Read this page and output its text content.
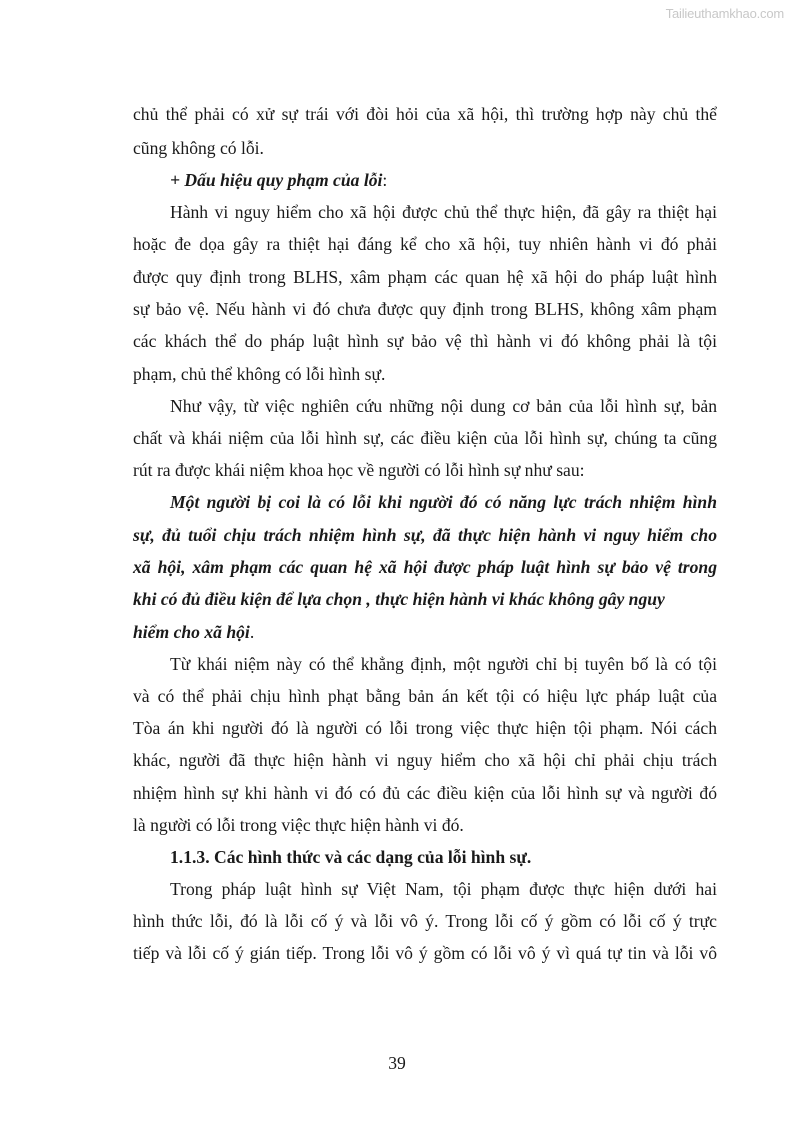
Tailieuthamkhao.com
chủ thể phải có xử sự trái với đòi hỏi của xã hội, thì trường hợp này chủ thể
cũng không có lỗi.
+ Dấu hiệu quy phạm của lỗi:
Hành vi nguy hiểm cho xã hội được chủ thể thực hiện, đã gây ra thiệt hại
hoặc đe dọa gây ra thiệt hại đáng kể cho xã hội, tuy nhiên hành vi đó phải
được quy định trong BLHS, xâm phạm các quan hệ xã hội do pháp luật hình
sự bảo vệ. Nếu hành vi đó chưa được quy định trong BLHS, không xâm phạm
các khách thể do pháp luật hình sự bảo vệ thì hành vi đó không phải là tội
phạm, chủ thể không có lỗi hình sự.
Như vậy, từ việc nghiên cứu những nội dung cơ bản của lỗi hình sự, bản
chất và khái niệm của lỗi hình sự, các điều kiện của lỗi hình sự, chúng ta cũng
rút ra được khái niệm khoa học về người có lỗi hình sự như sau:
Một người bị coi là có lỗi khi người đó có năng lực trách nhiệm hình
sự, đủ tuổi chịu trách nhiệm hình sự, đã thực hiện hành vi nguy hiểm cho
xã hội, xâm phạm các quan hệ xã hội được pháp luật hình sự bảo vệ trong
khi có đủ điều kiện để lựa chọn , thực hiện hành vi khác không gây nguy
hiểm cho xã hội.
Từ khái niệm này có thể khẳng định, một người chỉ bị tuyên bố là có tội
và có thể phải chịu hình phạt bằng bản án kết tội có hiệu lực pháp luật của
Tòa án khi người đó là người có lỗi trong việc thực hiện tội phạm. Nói cách
khác, người đã thực hiện hành vi nguy hiểm cho xã hội chỉ phải chịu trách
nhiệm hình sự khi hành vi đó có đủ các điều kiện của lỗi hình sự và người đó
là người có lỗi trong việc thực hiện hành vi đó.
1.1.3. Các hình thức và các dạng của lỗi hình sự.
Trong pháp luật hình sự Việt Nam, tội phạm được thực hiện dưới hai
hình thức lỗi, đó là lỗi cố ý và lỗi vô ý. Trong lỗi cố ý gồm có lỗi cố ý trực
tiếp và lỗi cố ý gián tiếp. Trong lỗi vô ý gồm có lỗi vô ý vì quá tự tin và lỗi vô
39
